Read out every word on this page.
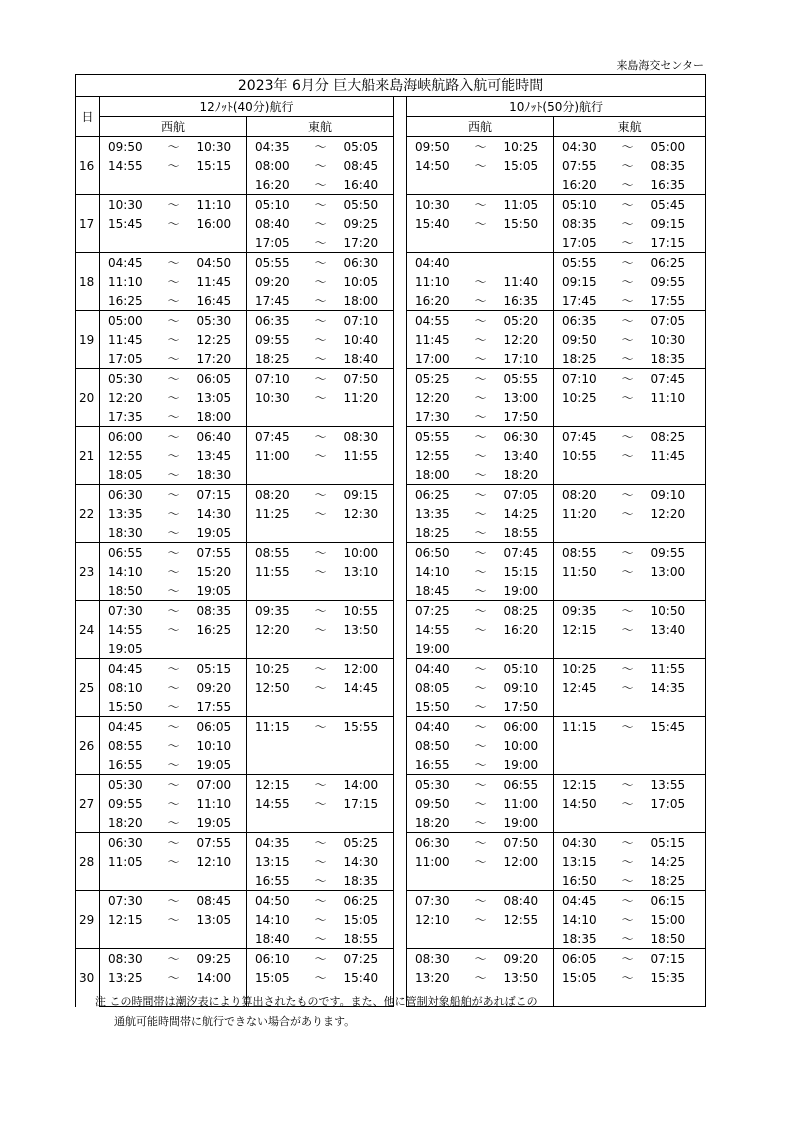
来島海交センター
2023年 6月分 巨大船来島海峡航路入航可能時間													
日	12ﾉｯﾄ(40分)航行							10ﾉｯﾄ(50分)航行					
	西航			東航				西航			東航		
16	09:50	～	10:30	04:35	～	05:05		09:50	～	10:25	04:30	～	05:00
	14:55	～	15:15	08:00	～	08:45		14:50	～	15:05	07:55	～	08:35
				16:20	～	16:40					16:20	～	16:35
17	10:30	～	11:10	05:10	～	05:50		10:30	～	11:05	05:10	～	05:45
	15:45	～	16:00	08:40	～	09:25		15:40	～	15:50	08:35	～	09:15
				17:05	～	17:20					17:05	～	17:15
18	04:45	～	04:50	05:55	～	06:30		04:40			05:55	～	06:25
	11:10	～	11:45	09:20	～	10:05		11:10	～	11:40	09:15	～	09:55
	16:25	～	16:45	17:45	～	18:00		16:20	～	16:35	17:45	～	17:55
19	05:00	～	05:30	06:35	～	07:10		04:55	～	05:20	06:35	～	07:05
	11:45	～	12:25	09:55	～	10:40		11:45	～	12:20	09:50	～	10:30
	17:05	～	17:20	18:25	～	18:40		17:00	～	17:10	18:25	～	18:35
20	05:30	～	06:05	07:10	～	07:50		05:25	～	05:55	07:10	～	07:45
	12:20	～	13:05	10:30	～	11:20		12:20	～	13:00	10:25	～	11:10
	17:35	～	18:00					17:30	～	17:50			
21	06:00	～	06:40	07:45	～	08:30		05:55	～	06:30	07:45	～	08:25
	12:55	～	13:45	11:00	～	11:55		12:55	～	13:40	10:55	～	11:45
	18:05	～	18:30					18:00	～	18:20			
22	06:30	～	07:15	08:20	～	09:15		06:25	～	07:05	08:20	～	09:10
	13:35	～	14:30	11:25	～	12:30		13:35	～	14:25	11:20	～	12:20
	18:30	～	19:05					18:25	～	18:55			
23	06:55	～	07:55	08:55	～	10:00		06:50	～	07:45	08:55	～	09:55
	14:10	～	15:20	11:55	～	13:10		14:10	～	15:15	11:50	～	13:00
	18:50	～	19:05					18:45	～	19:00			
24	07:30	～	08:35	09:35	～	10:55		07:25	～	08:25	09:35	～	10:50
	14:55	～	16:25	12:20	～	13:50		14:55	～	16:20	12:15	～	13:40
	19:05							19:00					
25	04:45	～	05:15	10:25	～	12:00		04:40	～	05:10	10:25	～	11:55
	08:10	～	09:20	12:50	～	14:45		08:05	～	09:10	12:45	～	14:35
	15:50	～	17:55					15:50	～	17:50			
26	04:45	～	06:05	11:15	～	15:55		04:40	～	06:00	11:15	～	15:45
	08:55	～	10:10					08:50	～	10:00			
	16:55	～	19:05					16:55	～	19:00			
27	05:30	～	07:00	12:15	～	14:00		05:30	～	06:55	12:15	～	13:55
	09:55	～	11:10	14:55	～	17:15		09:50	～	11:00	14:50	～	17:05
	18:20	～	19:05					18:20	～	19:00			
28	06:30	～	07:55	04:35	～	05:25		06:30	～	07:50	04:30	～	05:15
	11:05	～	12:10	13:15	～	14:30		11:00	～	12:00	13:15	～	14:25
				16:55	～	18:35					16:50	～	18:25
29	07:30	～	08:45	04:50	～	06:25		07:30	～	08:40	04:45	～	06:15
	12:15	～	13:05	14:10	～	15:05		12:10	～	12:55	14:10	～	15:00
				18:40	～	18:55					18:35	～	18:50
30	08:30	～	09:25	06:10	～	07:25		08:30	～	09:20	06:05	～	07:15
	13:25	～	14:00	15:05	～	15:40		13:20	～	13:50	15:05	～	15:35

注 この時間帯は潮汐表により算出されたものです。また、他に管制対象船舶があればこの
通航可能時間帯に航行できない場合があります。
